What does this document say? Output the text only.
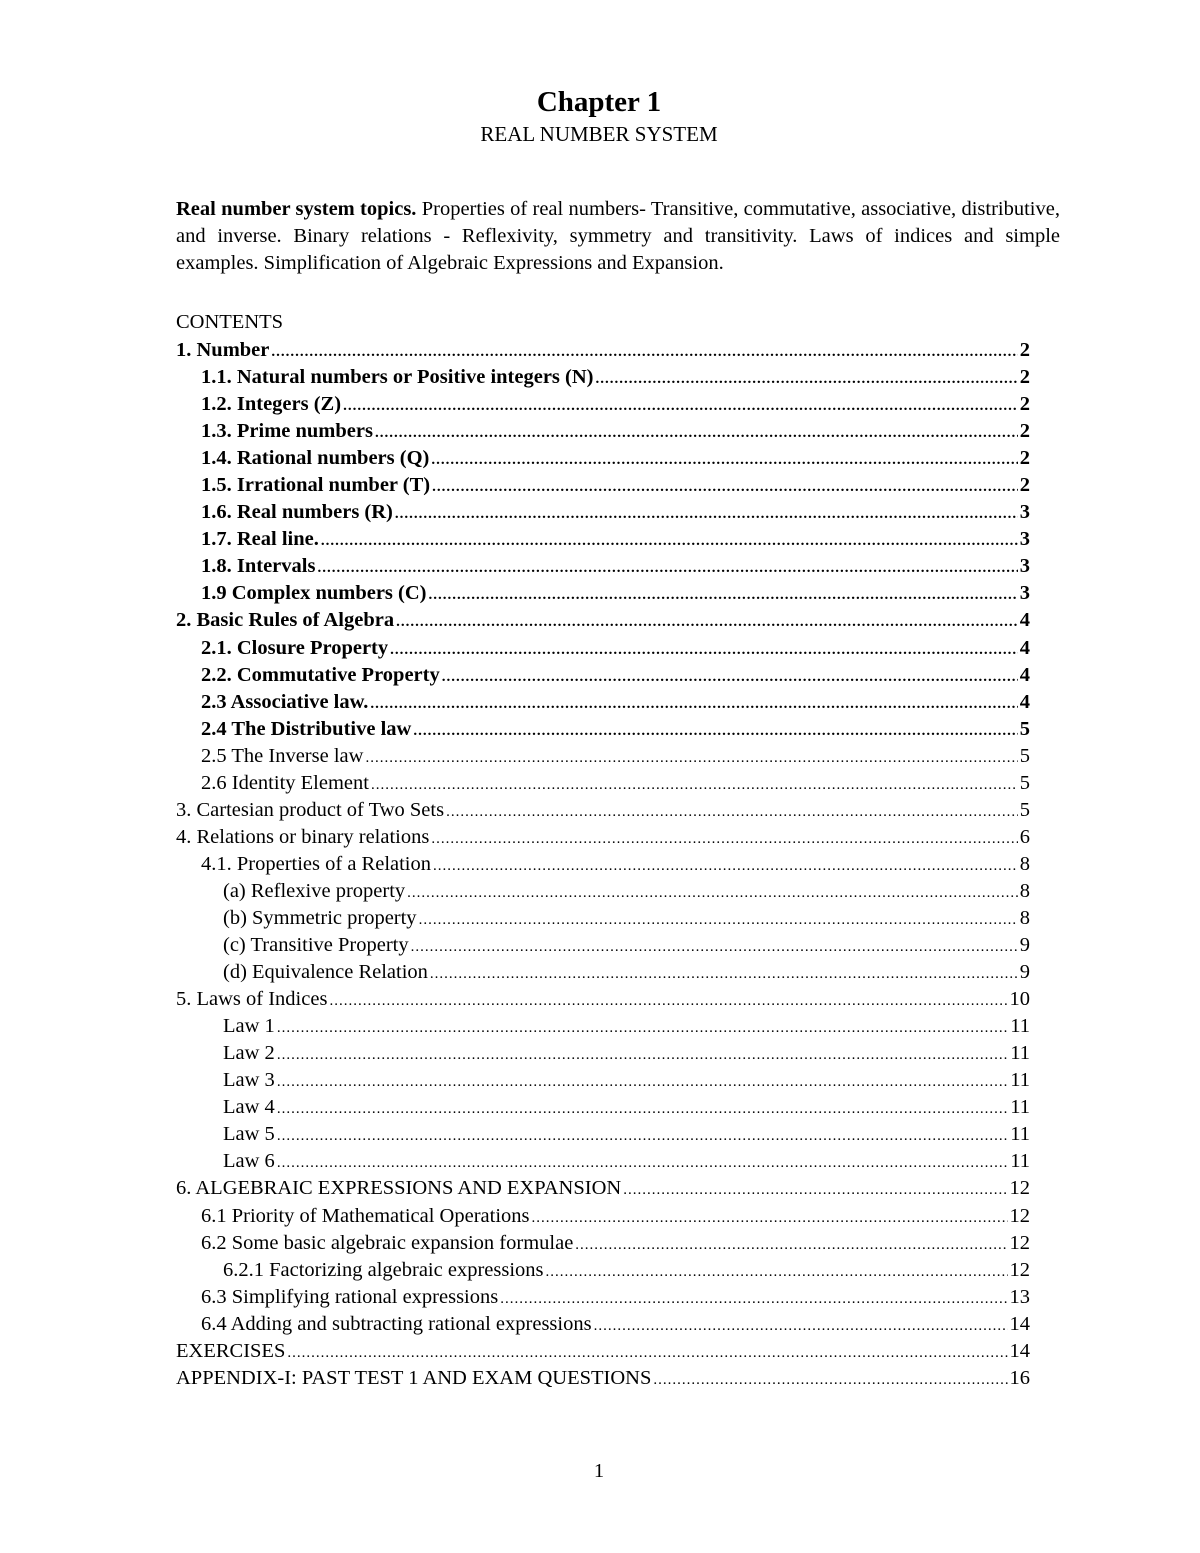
Chapter 1
REAL NUMBER SYSTEM

Real number system topics. Properties of real numbers- Transitive, commutative, associative, distributive, and inverse. Binary relations - Reflexivity, symmetry and transitivity. Laws of indices and simple examples. Simplification of Algebraic Expressions and Expansion.

CONTENTS
1. Number .....	2
1.1. Natural numbers or Positive integers (N) .....	2
1.2. Integers (Z) .....	2
1.3. Prime numbers .....	2
1.4. Rational numbers (Q) .....	2
1.5. Irrational number (T) .....	2
1.6. Real numbers (R) .....	3
1.7. Real line. .....	3
1.8. Intervals .....	3
1.9 Complex numbers (C) .....	3
2. Basic Rules of Algebra .....	4
2.1. Closure Property .....	4
2.2. Commutative Property .....	4
2.3 Associative law. .....	4
2.4 The Distributive law .....	5
2.5 The Inverse law .....	5
2.6 Identity Element .....	5
3. Cartesian product of Two Sets .....	5
4. Relations or binary relations .....	6
4.1. Properties of a Relation .....	8
(a) Reflexive property .....	8
(b) Symmetric property .....	8
(c) Transitive Property .....	9
(d) Equivalence Relation .....	9
5. Laws of Indices .....	10
Law 1 .....	11
Law 2 .....	11
Law 3 .....	11
Law 4 .....	11
Law 5 .....	11
Law 6 .....	11
6. ALGEBRAIC EXPRESSIONS AND EXPANSION .....	12
6.1 Priority of Mathematical Operations .....	12
6.2 Some basic algebraic expansion formulae .....	12
6.2.1 Factorizing algebraic expressions .....	12
6.3 Simplifying rational expressions .....	13
6.4 Adding and subtracting rational expressions .....	14
EXERCISES .....	14
APPENDIX-I: PAST TEST 1 AND EXAM QUESTIONS .....	16
1
